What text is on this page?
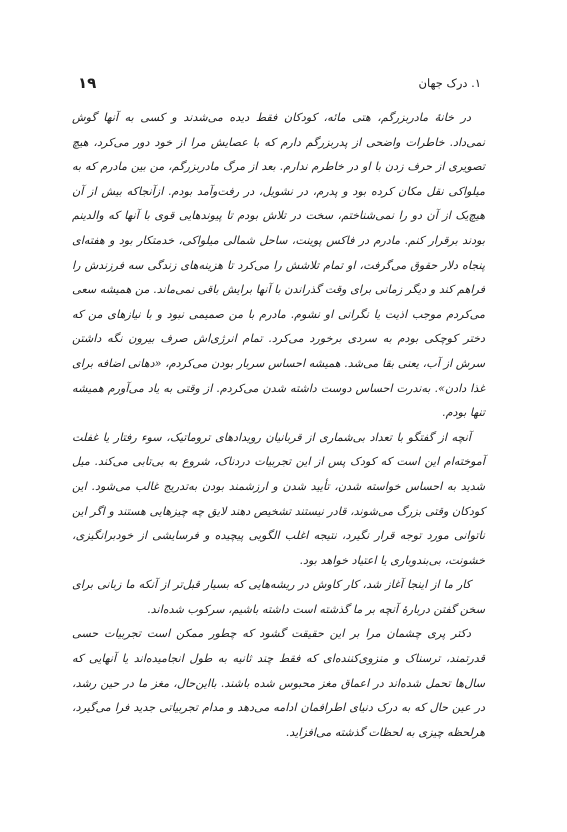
۱۹	۱. درک جهان

در خانهٔ مادربزرگم، هتی مائه، کودکان فقط دیده می‌شدند و کسی به آنها گوش نمی‌داد. خاطرات واضحی از پدربزرگم دارم که با عصایش مرا از خود دور می‌کرد، هیچ تصویری از حرف زدن با او در خاطرم ندارم. بعد از مرگ مادربزرگم، من بین مادرم که به میلواکی نقل مکان کرده بود و پدرم، در نشویل، در رفت‌وآمد بودم. ازآنجاکه بیش از آن هیچ‌یک از آن دو را نمی‌شناختم، سخت در تلاش بودم تا پیوندهایی قوی با آنها که والدینم بودند برقرار کنم. مادرم در فاکس پوینت، ساحل شمالی میلواکی، خدمتکار بود و هفته‌ای پنجاه دلار حقوق می‌گرفت، او تمام تلاشش را می‌کرد تا هزینه‌های زندگی سه فرزندش را فراهم کند و دیگر زمانی برای وقت گذراندن با آنها برایش باقی نمی‌ماند. من همیشه سعی می‌کردم موجب اذیت یا نگرانی او نشوم. مادرم با من صمیمی نبود و با نیازهای من که دختر کوچکی بودم به سردی برخورد می‌کرد. تمام انرژی‌اش صرف بیرون نگه داشتن سرش از آب، یعنی بقا می‌شد. همیشه احساس سربار بودن می‌کردم، «دهانی اضافه برای غذا دادن». به‌ندرت احساس دوست داشته شدن می‌کردم. از وقتی به یاد می‌آورم همیشه تنها بودم.

آنچه از گفتگو با تعداد بی‌شماری از قربانیان رویدادهای تروماتیک، سوء رفتار یا غفلت آموخته‌ام این است که کودک پس از این تجربیات دردناک، شروع به بی‌تابی می‌کند. میل شدید به احساس خواسته شدن، تأیید شدن و ارزشمند بودن به‌تدریج غالب می‌شود. این کودکان وقتی بزرگ می‌شوند، قادر نیستند تشخیص دهند لایق چه چیزهایی هستند و اگر این ناتوانی مورد توجه قرار نگیرد، نتیجه اغلب الگویی پیچیده و فرسایشی از خودبرانگیزی، خشونت، بی‌بندوباری یا اعتیاد خواهد بود.

کار ما از اینجا آغاز شد، کار کاوش در ریشه‌هایی که بسیار قبل‌تر از آنکه ما زبانی برای سخن گفتن دربارهٔ آنچه بر ما گذشته است داشته باشیم، سرکوب شده‌اند.

دکتر پری چشمان مرا بر این حقیقت گشود که چطور ممکن است تجربیات حسی قدرتمند، ترسناک و منزوی‌کننده‌ای که فقط چند ثانیه به طول انجامیده‌اند یا آنهایی که سال‌ها تحمل شده‌اند در اعماق مغز محبوس شده باشند. بااین‌حال، مغز ما در حین رشد، در عین حال که به درک دنیای اطرافمان ادامه می‌دهد و مدام تجربیاتی جدید فرا می‌گیرد، هرلحظه چیزی به لحظات گذشته می‌افزاید.
